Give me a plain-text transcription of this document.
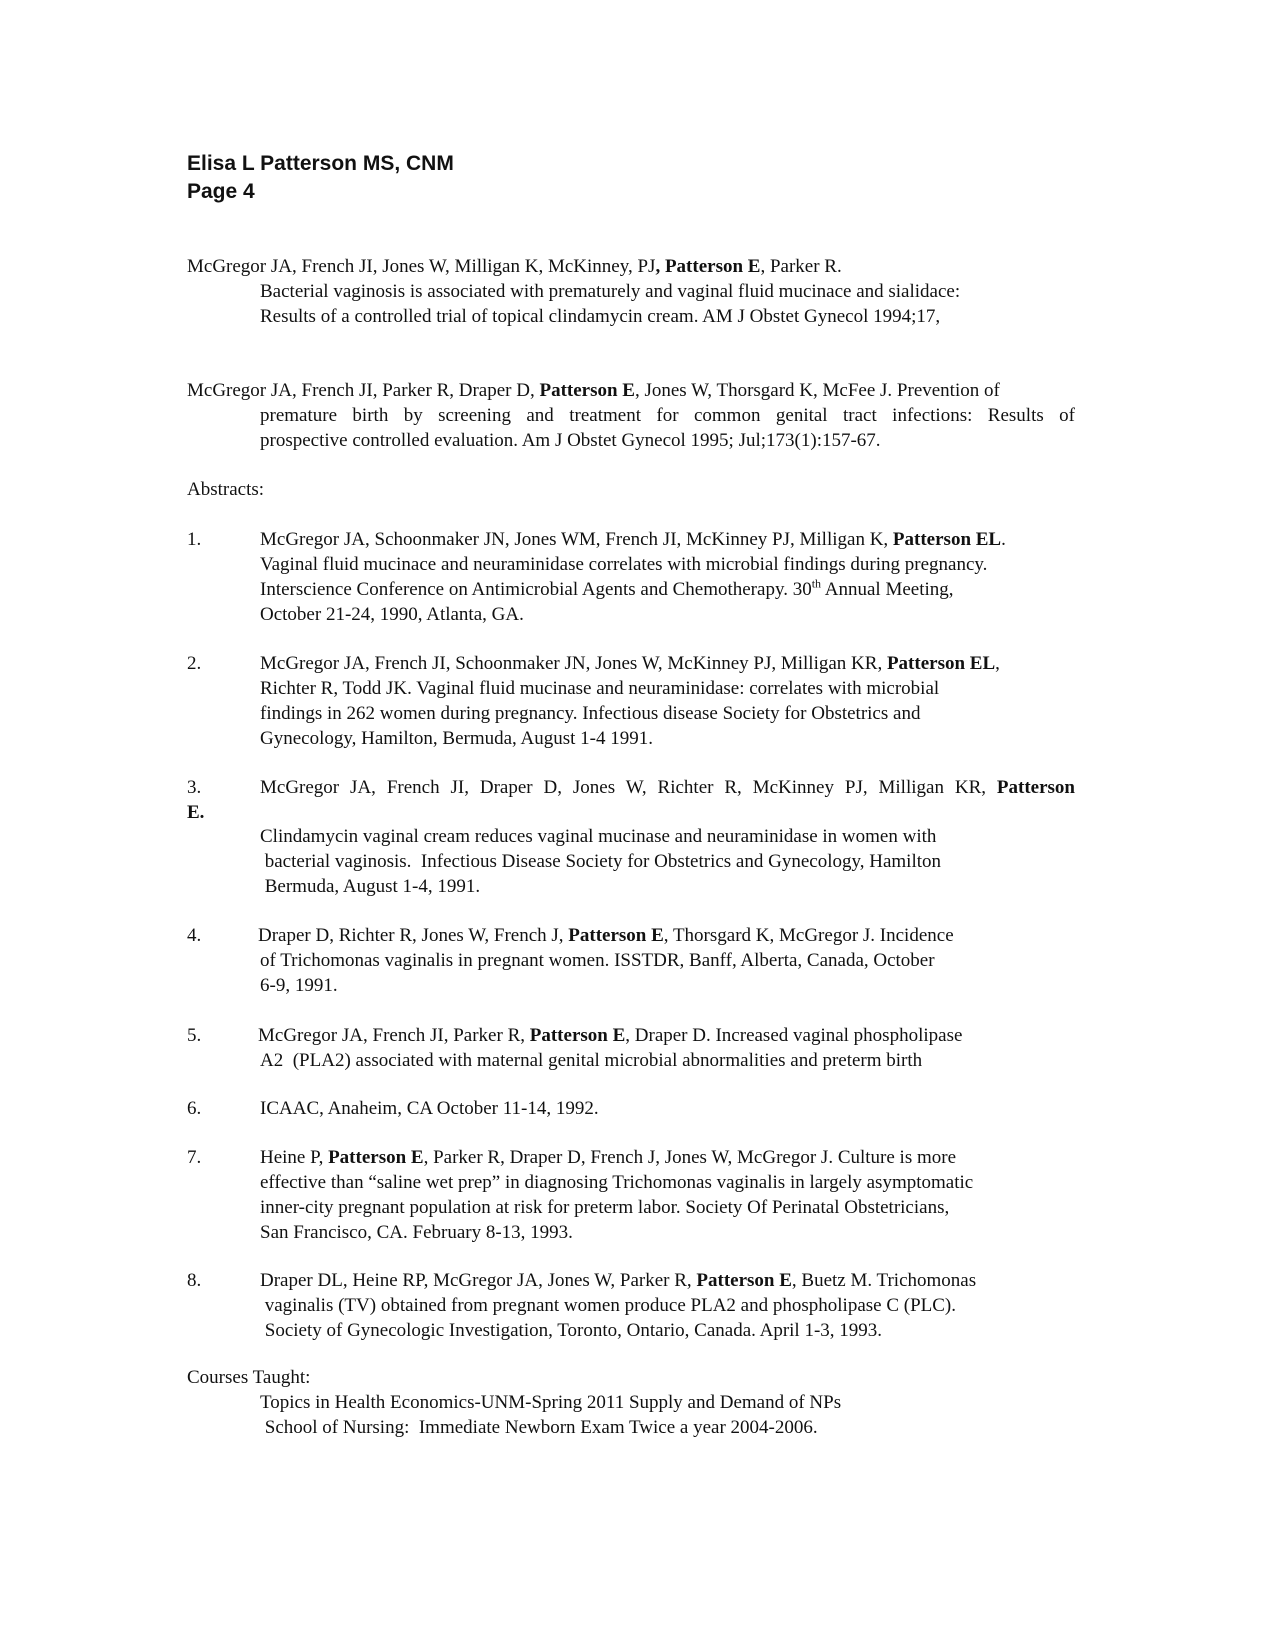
Elisa L Patterson MS, CNM
Page 4
McGregor JA, French JI, Jones W, Milligan K, McKinney, PJ, Patterson E, Parker R.
Bacterial vaginosis is associated with prematurely and vaginal fluid mucinace and sialidace:
Results of a controlled trial of topical clindamycin cream. AM J Obstet Gynecol 1994;17,
McGregor JA, French JI, Parker R, Draper D, Patterson E, Jones W, Thorsgard K, McFee J. Prevention of
premature birth by screening and treatment for common genital tract infections: Results of
prospective controlled evaluation. Am J Obstet Gynecol 1995; Jul;173(1):157-67.
Abstracts:
1.	McGregor JA, Schoonmaker JN, Jones WM, French JI, McKinney PJ, Milligan K, Patterson EL.
Vaginal fluid mucinace and neuraminidase correlates with microbial findings during pregnancy.
Interscience Conference on Antimicrobial Agents and Chemotherapy. 30th Annual Meeting,
October 21-24, 1990, Atlanta, GA.
2.	McGregor JA, French JI, Schoonmaker JN, Jones W, McKinney PJ, Milligan KR, Patterson EL,
Richter R, Todd JK. Vaginal fluid mucinase and neuraminidase: correlates with microbial
findings in 262 women during pregnancy. Infectious disease Society for Obstetrics and
Gynecology, Hamilton, Bermuda, August 1-4 1991.
3.	McGregor JA, French JI, Draper D, Jones W, Richter R, McKinney PJ, Milligan KR, Patterson
E.
Clindamycin vaginal cream reduces vaginal mucinase and neuraminidase in women with
bacterial vaginosis.  Infectious Disease Society for Obstetrics and Gynecology, Hamilton
Bermuda, August 1-4, 1991.
4.	Draper D, Richter R, Jones W, French J, Patterson E, Thorsgard K, McGregor J. Incidence
of Trichomonas vaginalis in pregnant women. ISSTDR, Banff, Alberta, Canada, October
6-9, 1991.
5.	McGregor JA, French JI, Parker R, Patterson E, Draper D. Increased vaginal phospholipase
A2  (PLA2) associated with maternal genital microbial abnormalities and preterm birth
6.	ICAAC, Anaheim, CA October 11-14, 1992.
7.	Heine P, Patterson E, Parker R, Draper D, French J, Jones W, McGregor J. Culture is more
effective than “saline wet prep” in diagnosing Trichomonas vaginalis in largely asymptomatic
inner-city pregnant population at risk for preterm labor. Society Of Perinatal Obstetricians,
San Francisco, CA. February 8-13, 1993.
8.	Draper DL, Heine RP, McGregor JA, Jones W, Parker R, Patterson E, Buetz M. Trichomonas
vaginalis (TV) obtained from pregnant women produce PLA2 and phospholipase C (PLC).
Society of Gynecologic Investigation, Toronto, Ontario, Canada. April 1-3, 1993.
Courses Taught:
Topics in Health Economics-UNM-Spring 2011 Supply and Demand of NPs
School of Nursing:  Immediate Newborn Exam Twice a year 2004-2006.
